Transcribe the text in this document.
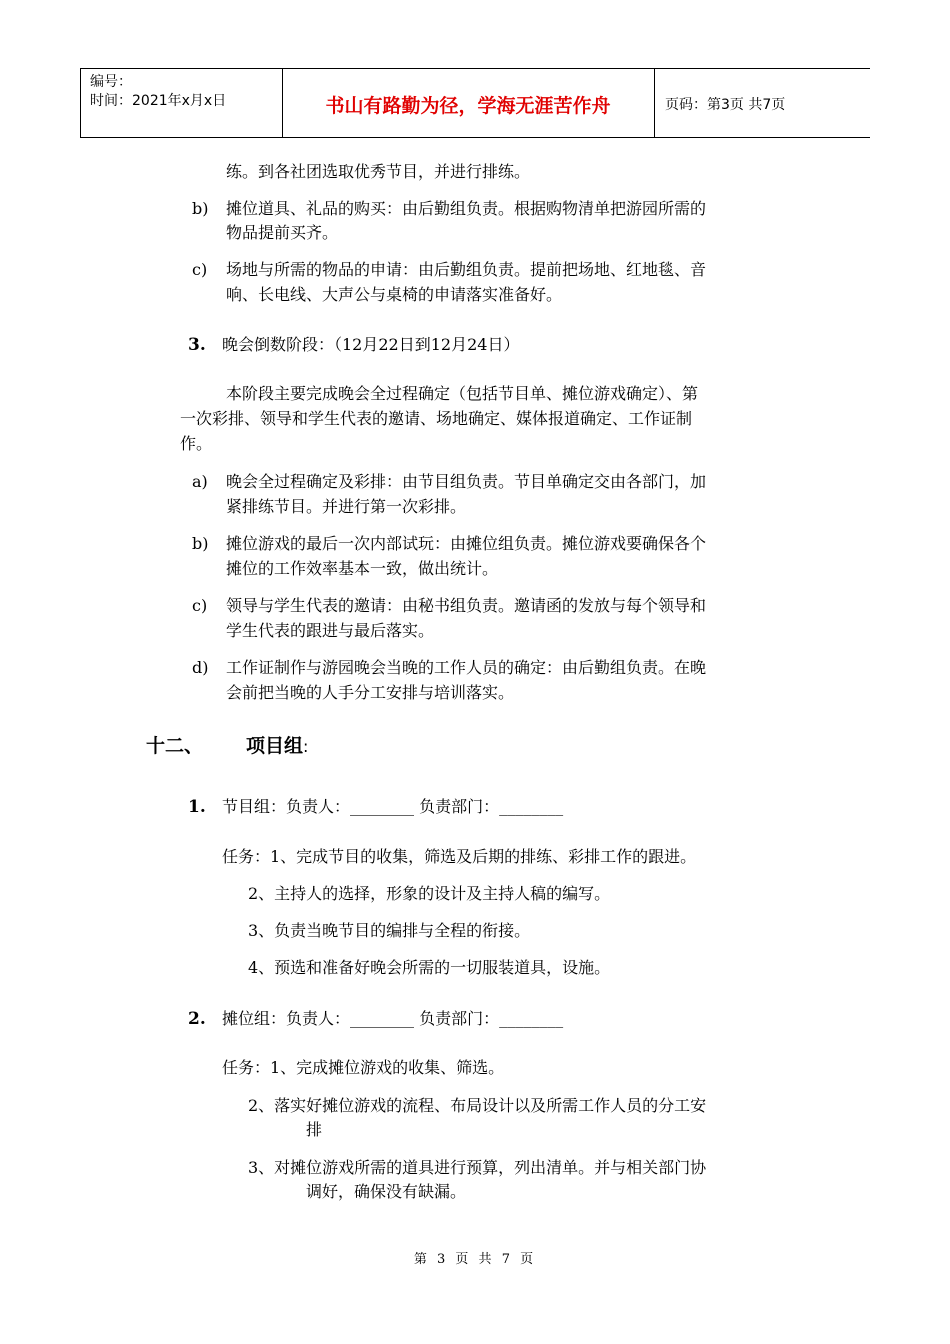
编号：
时间：2021年x月x日	书山有路勤为径，学海无涯苦作舟	页码：第3页 共7页
练。到各社团选取优秀节目，并进行排练。
b) 摊位道具、礼品的购买：由后勤组负责。根据购物清单把游园所需的
物品提前买齐。
c) 场地与所需的物品的申请：由后勤组负责。提前把场地、红地毯、音
响、长电线、大声公与桌椅的申请落实准备好。
3. 晚会倒数阶段：（12月22日到12月24日）
本阶段主要完成晚会全过程确定（包括节目单、摊位游戏确定）、第
一次彩排、领导和学生代表的邀请、场地确定、媒体报道确定、工作证制
作。
a) 晚会全过程确定及彩排：由节目组负责。节目单确定交由各部门，加
紧排练节目。并进行第一次彩排。
b) 摊位游戏的最后一次内部试玩：由摊位组负责。摊位游戏要确保各个
摊位的工作效率基本一致，做出统计。
c) 领导与学生代表的邀请：由秘书组负责。邀请函的发放与每个领导和
学生代表的跟进与最后落实。
d) 工作证制作与游园晚会当晚的工作人员的确定：由后勤组负责。在晚
会前把当晚的人手分工安排与培训落实。
十二、 项目组:
1. 节目组：负责人：________ 负责部门：________
任务：1、完成节目的收集，筛选及后期的排练、彩排工作的跟进。
2、主持人的选择，形象的设计及主持人稿的编写。
3、负责当晚节目的编排与全程的衔接。
4、预选和准备好晚会所需的一切服装道具，设施。
2. 摊位组：负责人：________ 负责部门：________
任务：1、完成摊位游戏的收集、筛选。
2、落实好摊位游戏的流程、布局设计以及所需工作人员的分工安
排
3、对摊位游戏所需的道具进行预算，列出清单。并与相关部门协
调好，确保没有缺漏。
第 3 页 共 7 页
